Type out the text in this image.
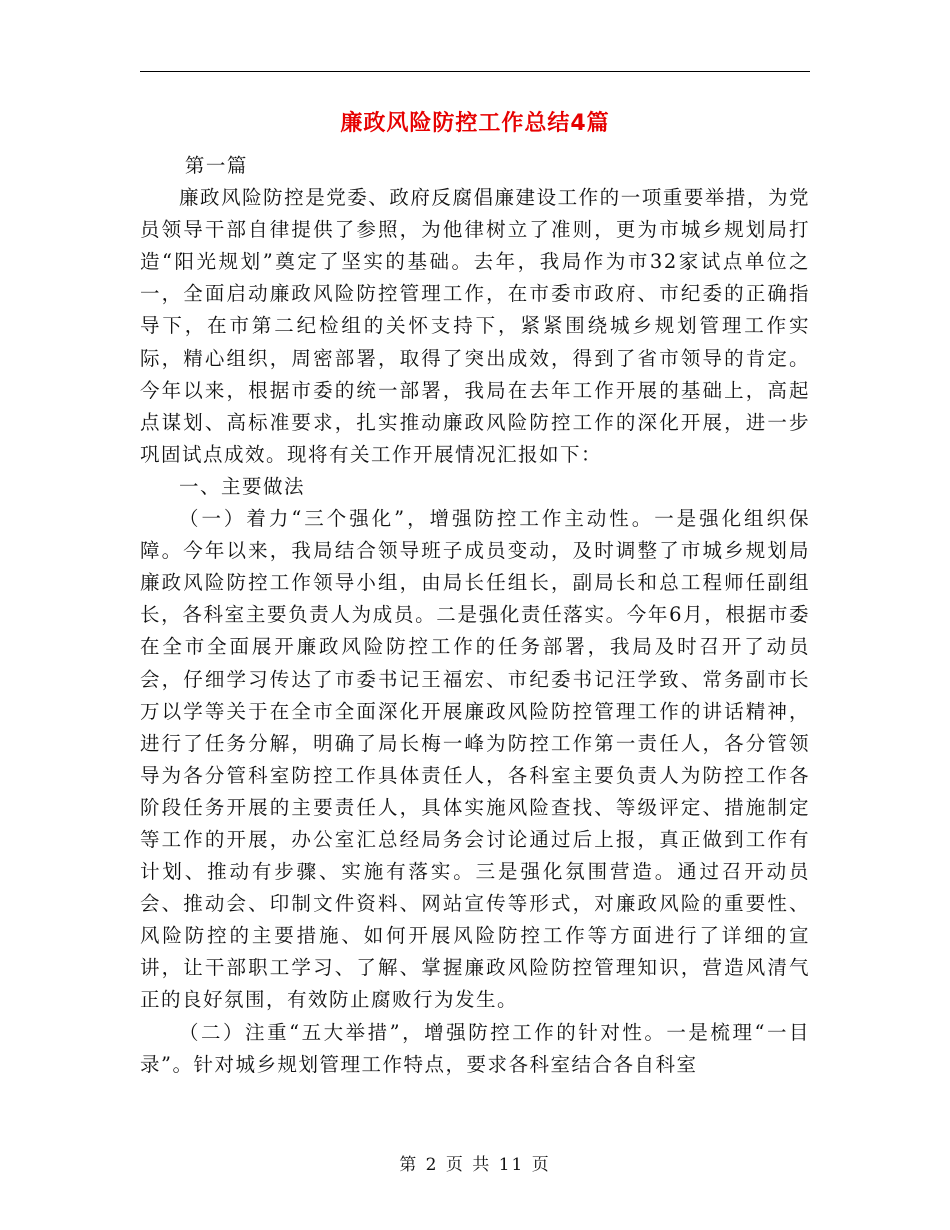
廉政风险防控工作总结4篇

第一篇

廉政风险防控是党委、政府反腐倡廉建设工作的一项重要举措，为党员领导干部自律提供了参照，为他律树立了准则，更为市城乡规划局打造“阳光规划”奠定了坚实的基础。去年，我局作为市32家试点单位之一，全面启动廉政风险防控管理工作，在市委市政府、市纪委的正确指导下，在市第二纪检组的关怀支持下，紧紧围绕城乡规划管理工作实际，精心组织，周密部署，取得了突出成效，得到了省市领导的肯定。今年以来，根据市委的统一部署，我局在去年工作开展的基础上，高起点谋划、高标准要求，扎实推动廉政风险防控工作的深化开展，进一步巩固试点成效。现将有关工作开展情况汇报如下：

一、主要做法

（一）着力“三个强化”，增强防控工作主动性。一是强化组织保障。今年以来，我局结合领导班子成员变动，及时调整了市城乡规划局廉政风险防控工作领导小组，由局长任组长，副局长和总工程师任副组长，各科室主要负责人为成员。二是强化责任落实。今年6月，根据市委在全市全面展开廉政风险防控工作的任务部署，我局及时召开了动员会，仔细学习传达了市委书记王福宏、市纪委书记汪学致、常务副市长万以学等关于在全市全面深化开展廉政风险防控管理工作的讲话精神，进行了任务分解，明确了局长梅一峰为防控工作第一责任人，各分管领导为各分管科室防控工作具体责任人，各科室主要负责人为防控工作各阶段任务开展的主要责任人，具体实施风险查找、等级评定、措施制定等工作的开展，办公室汇总经局务会讨论通过后上报，真正做到工作有计划、推动有步骤、实施有落实。三是强化氛围营造。通过召开动员会、推动会、印制文件资料、网站宣传等形式，对廉政风险的重要性、风险防控的主要措施、如何开展风险防控工作等方面进行了详细的宣讲，让干部职工学习、了解、掌握廉政风险防控管理知识，营造风清气正的良好氛围，有效防止腐败行为发生。

（二）注重“五大举措”，增强防控工作的针对性。一是梳理“一目录”。针对城乡规划管理工作特点，要求各科室结合各自科室

第 2 页 共 11 页
